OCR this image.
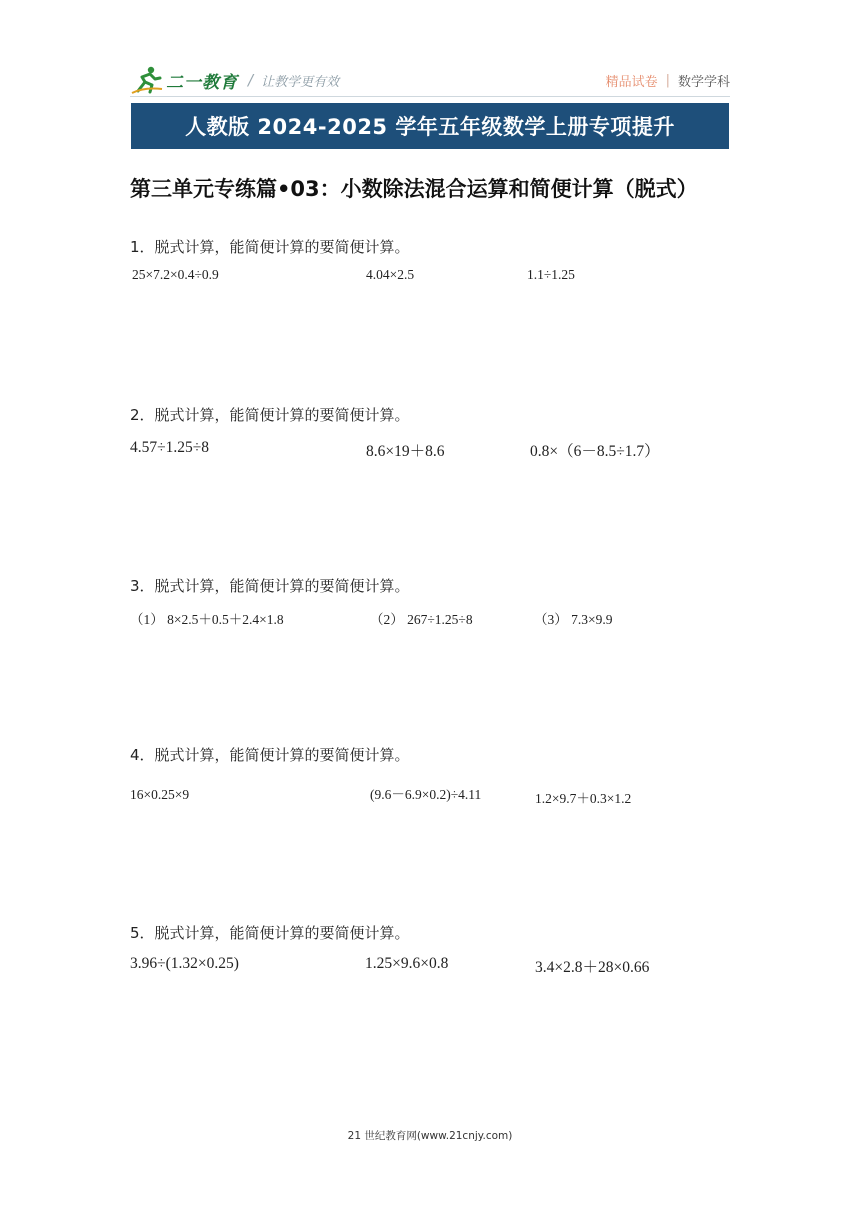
二一教育 / 让教学更有效	精品试卷 | 数学学科
人教版 2024-2025 学年五年级数学上册专项提升
第三单元专练篇•03：小数除法混合运算和简便计算（脱式）
1．脱式计算，能简便计算的要简便计算。
25×7.2×0.4÷0.9	4.04×2.5	1.1÷1.25
2．脱式计算，能简便计算的要简便计算。
4.57÷1.25÷8	8.6×19＋8.6	0.8×（6－8.5÷1.7）
3．脱式计算，能简便计算的要简便计算。
（1） 8×2.5＋0.5＋2.4×1.8	（2） 267÷1.25÷8	（3） 7.3×9.9
4．脱式计算，能简便计算的要简便计算。
16×0.25×9	(9.6－6.9×0.2)÷4.11	1.2×9.7＋0.3×1.2
5．脱式计算，能简便计算的要简便计算。
3.96÷(1.32×0.25)	1.25×9.6×0.8	3.4×2.8＋28×0.66
21 世纪教育网(www.21cnjy.com)
